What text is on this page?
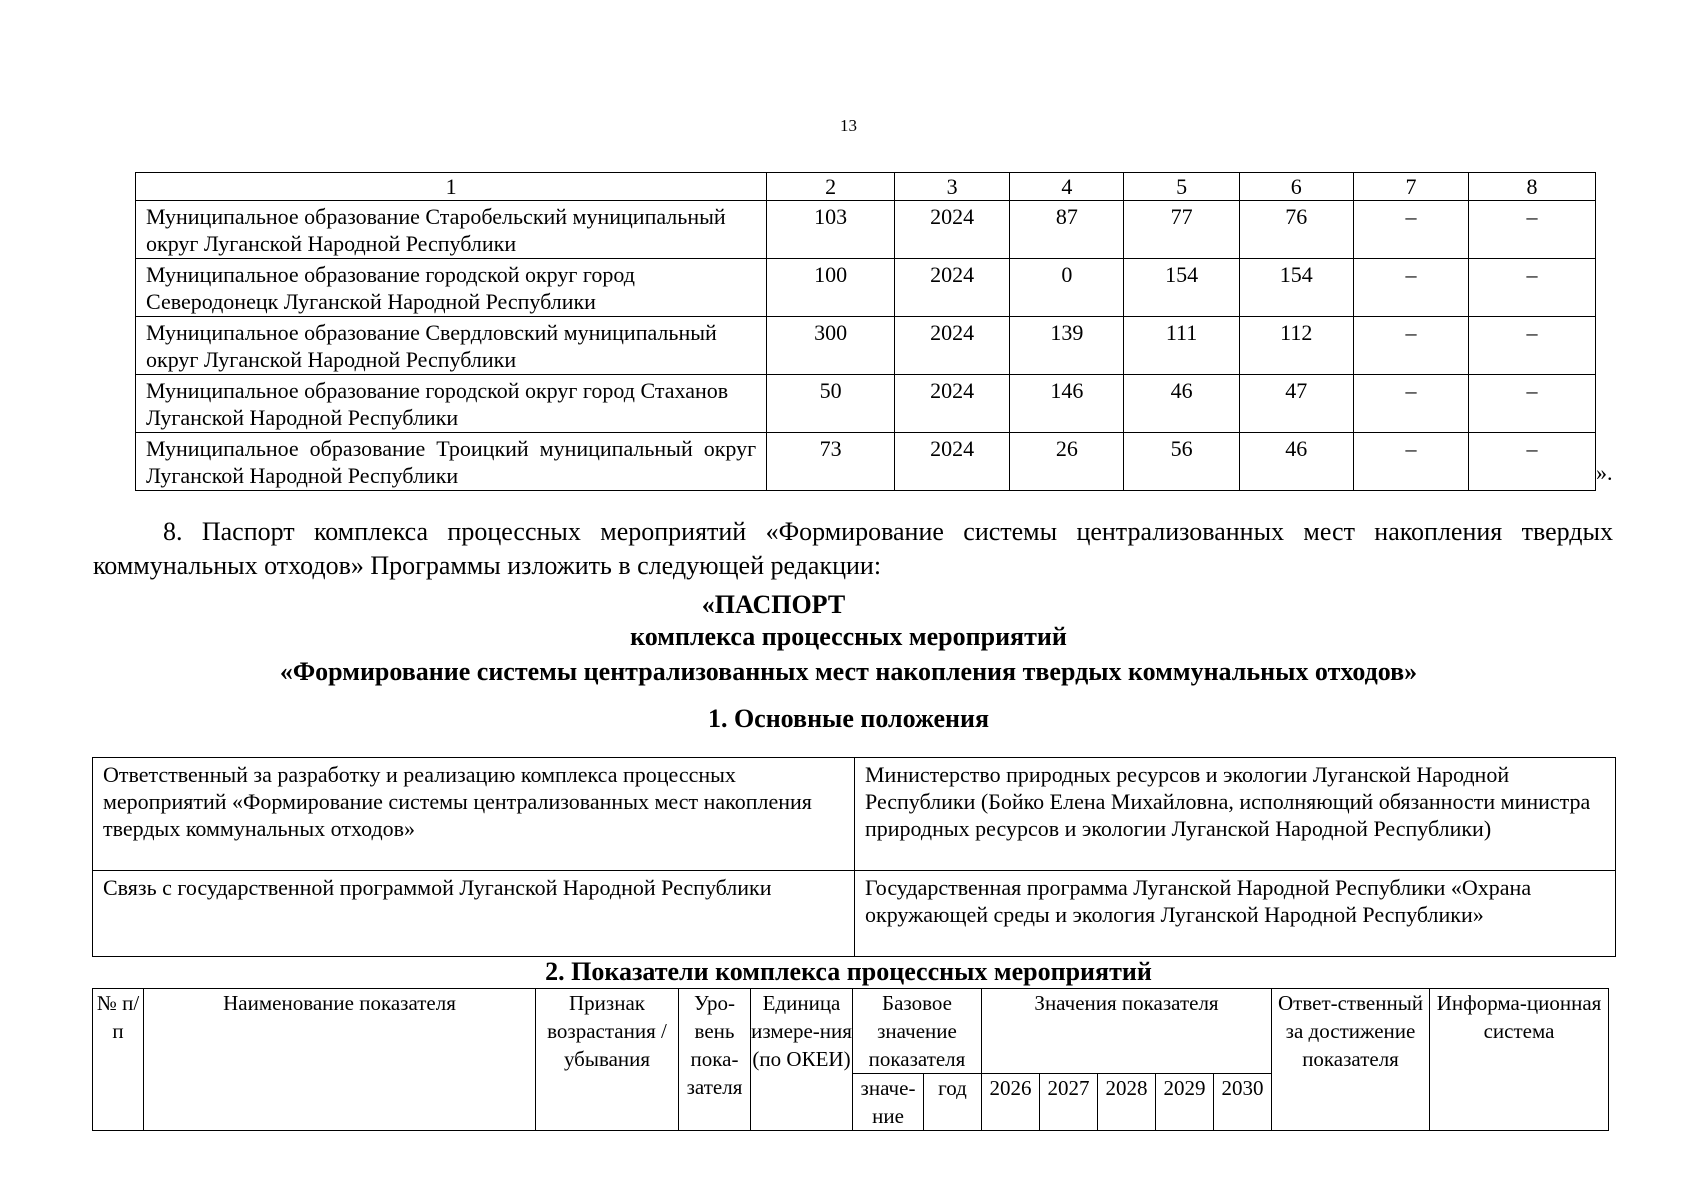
13
1	2	3	4	5	6	7	8
Муниципальное образование Старобельский муниципальный округ Луганской Народной Республики	103	2024	87	77	76	–	–
Муниципальное образование городской округ город Северодонецк Луганской Народной Республики	100	2024	0	154	154	–	–
Муниципальное образование Свердловский муниципальный округ Луганской Народной Республики	300	2024	139	111	112	–	–
Муниципальное образование городской округ город Стаханов Луганской Народной Республики	50	2024	146	46	47	–	–
Муниципальное образование Троицкий муниципальный округ Луганской Народной Республики	73	2024	26	56	46	–	–
».
8. Паспорт комплекса процессных мероприятий «Формирование системы централизованных мест накопления твердых коммунальных отходов» Программы изложить в следующей редакции:
«ПАСПОРТ
комплекса процессных мероприятий
«Формирование системы централизованных мест накопления твердых коммунальных отходов»
1. Основные положения
Ответственный за разработку и реализацию комплекса процессных мероприятий «Формирование системы централизованных мест накопления твердых коммунальных отходов»	Министерство природных ресурсов и экологии Луганской Народной Республики (Бойко Елена Михайловна, исполняющий обязанности министра природных ресурсов и экологии Луганской Народной Республики)
Связь с государственной программой Луганской Народной Республики	Государственная программа Луганской Народной Республики «Охрана окружающей среды и экология Луганской Народной Республики»
2. Показатели комплекса процессных мероприятий
№ п/п	Наименование показателя	Признак возрастания / убывания	Уро-вень пока-зателя	Единица измере-ния (по ОКЕИ)	Базовое значение показателя		Значения показателя					Ответ-ственный за достижение показателя	Информа-ционная система
					значе-ние	год	2026	2027	2028	2029	2030		
